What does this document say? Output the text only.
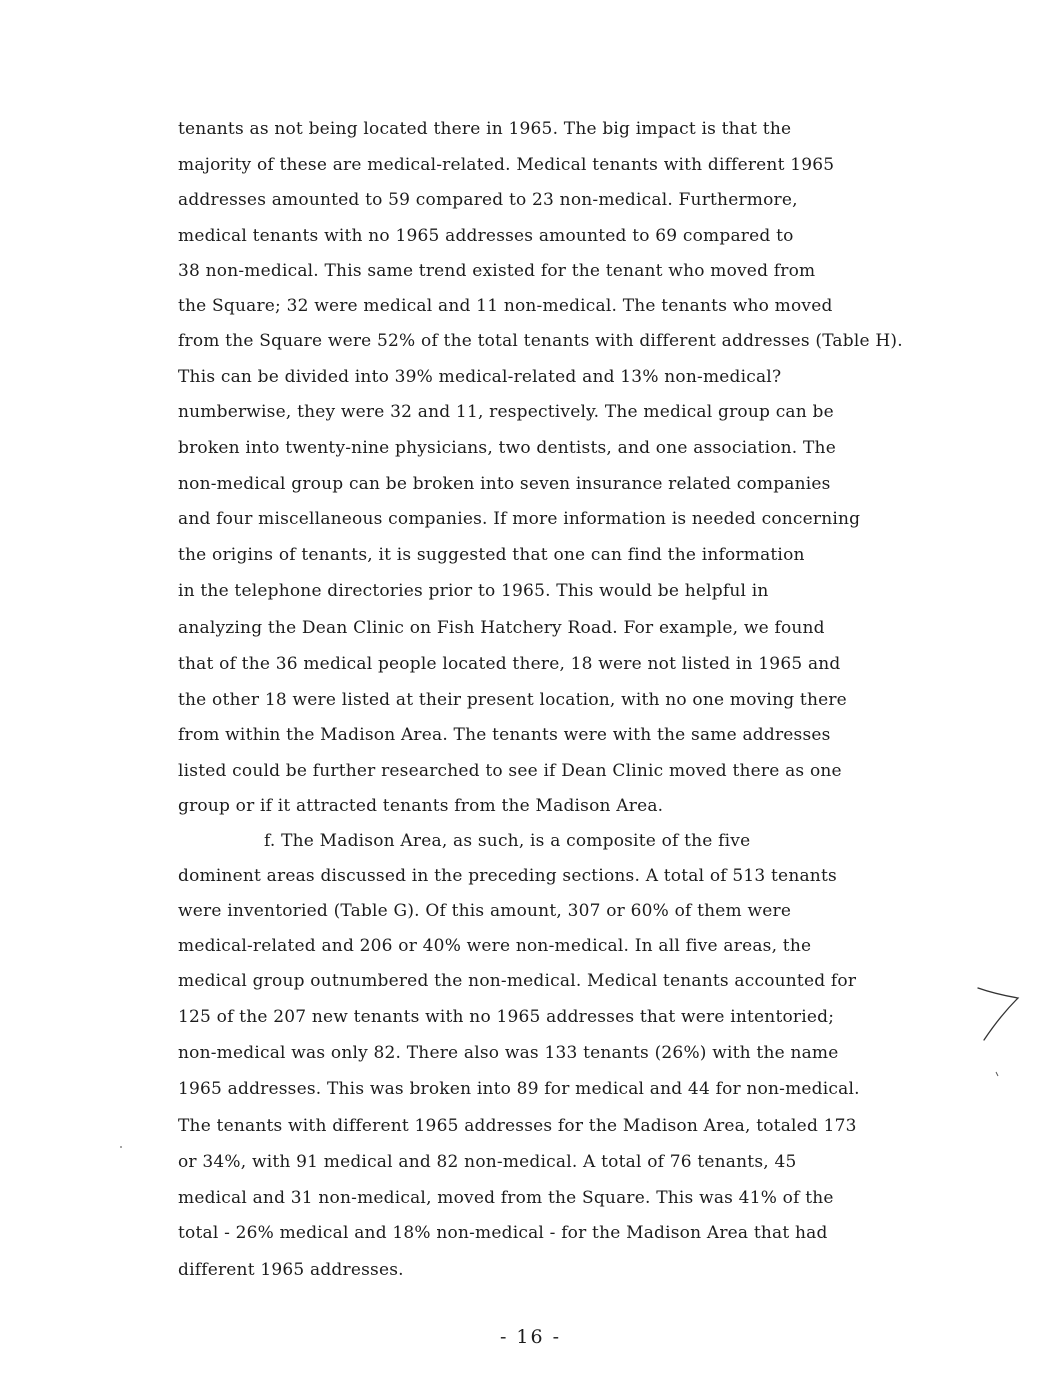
tenants as not being located there in 1965. The big impact is that the
majority of these are medical-related. Medical tenants with different 1965
addresses amounted to 59 compared to 23 non-medical. Furthermore,
medical tenants with no 1965 addresses amounted to 69 compared to
38 non-medical. This same trend existed for the tenant who moved from
the Square; 32 were medical and 11 non-medical. The tenants who moved
from the Square were 52% of the total tenants with different addresses (Table H).
This can be divided into 39% medical-related and 13% non-medical?
numberwise, they were 32 and 11, respectively. The medical group can be
broken into twenty-nine physicians, two dentists, and one association. The
non-medical group can be broken into seven insurance related companies
and four miscellaneous companies. If more information is needed concerning
the origins of tenants, it is suggested that one can find the information
in the telephone directories prior to 1965. This would be helpful in
analyzing the Dean Clinic on Fish Hatchery Road. For example, we found
that of the 36 medical people located there, 18 were not listed in 1965 and
the other 18 were listed at their present location, with no one moving there
from within the Madison Area. The tenants were with the same addresses
listed could be further researched to see if Dean Clinic moved there as one
group or if it attracted tenants from the Madison Area.
f. The Madison Area, as such, is a composite of the five
dominent areas discussed in the preceding sections. A total of 513 tenants
were inventoried (Table G). Of this amount, 307 or 60% of them were
medical-related and 206 or 40% were non-medical. In all five areas, the
medical group outnumbered the non-medical. Medical tenants accounted for
125 of the 207 new tenants with no 1965 addresses that were intentoried;
non-medical was only 82. There also was 133 tenants (26%) with the name
1965 addresses. This was broken into 89 for medical and 44 for non-medical.
The tenants with different 1965 addresses for the Madison Area, totaled 173
or 34%, with 91 medical and 82 non-medical. A total of 76 tenants, 45
medical and 31 non-medical, moved from the Square. This was 41% of the
total - 26% medical and 18% non-medical - for the Madison Area that had
different 1965 addresses.
- 16 -
